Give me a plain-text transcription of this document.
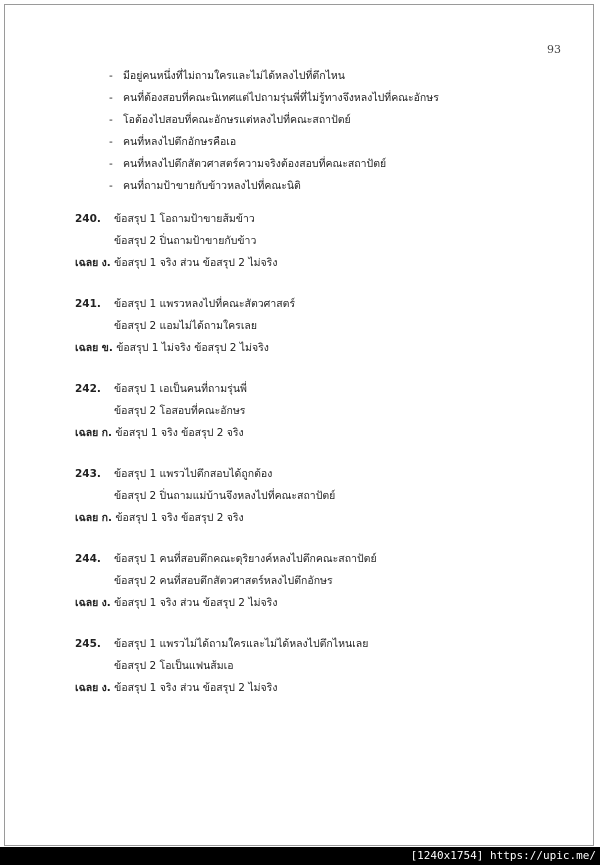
93
- มีอยู่คนหนึ่งที่ไม่ถามใครและไม่ได้หลงไปที่ตึกไหน
- คนที่ต้องสอบที่คณะนิเทศแต่ไปถามรุ่นพี่ที่ไม่รู้ทางจึงหลงไปที่คณะอักษร
- โอต้องไปสอบที่คณะอักษรแต่หลงไปที่คณะสถาปัตย์
- คนที่หลงไปตึกอักษรคือเอ
- คนที่หลงไปตึกสัตวศาสตร์ความจริงต้องสอบที่คณะสถาปัตย์
- คนที่ถามป้าขายกับข้าวหลงไปที่คณะนิติ
240. ข้อสรุป 1 โอถามป้าขายส้มข้าว
ข้อสรุป 2 ปิ่นถามป้าขายกับข้าว
เฉลย ง. ข้อสรุป 1 จริง ส่วน ข้อสรุป 2 ไม่จริง
241. ข้อสรุป 1 แพรวหลงไปที่คณะสัตวศาสตร์
ข้อสรุป 2 แอมไม่ได้ถามใครเลย
เฉลย ข. ข้อสรุป 1 ไม่จริง ข้อสรุป 2 ไม่จริง
242. ข้อสรุป 1 เอเป็นคนที่ถามรุ่นพี่
ข้อสรุป 2 โอสอบที่คณะอักษร
เฉลย ก. ข้อสรุป 1 จริง ข้อสรุป 2 จริง
243. ข้อสรุป 1 แพรวไปตึกสอบได้ถูกต้อง
ข้อสรุป 2 ปิ่นถามแม่บ้านจึงหลงไปที่คณะสถาปัตย์
เฉลย ก. ข้อสรุป 1 จริง ข้อสรุป 2 จริง
244. ข้อสรุป 1 คนที่สอบตึกคณะดุริยางค์หลงไปตึกคณะสถาปัตย์
ข้อสรุป 2 คนที่สอบตึกสัตวศาสตร์หลงไปตึกอักษร
เฉลย ง. ข้อสรุป 1 จริง ส่วน ข้อสรุป 2 ไม่จริง
245. ข้อสรุป 1 แพรวไม่ได้ถามใครและไม่ได้หลงไปตึกไหนเลย
ข้อสรุป 2 โอเป็นแฟนส้มเอ
เฉลย ง. ข้อสรุป 1 จริง ส่วน ข้อสรุป 2 ไม่จริง
[1240x1754] https://upic.me/
